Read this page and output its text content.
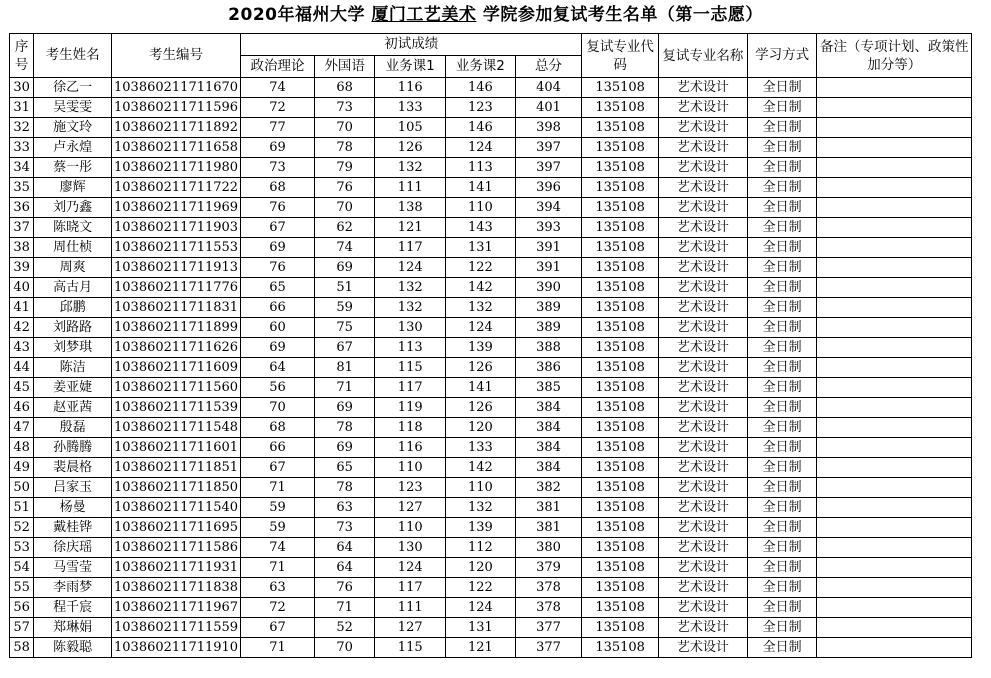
2020年福州大学 厦门工艺美术 学院参加复试考生名单（第一志愿）
序号	考生姓名	考生编号	初试成绩					复试专业代码	复试专业名称	学习方式	备注（专项计划、政策性加分等）
			政治理论	外国语	业务课1	业务课2	总分				
30	徐乙一	103860211711670	74	68	116	146	404	135108	艺术设计	全日制	
31	吴雯雯	103860211711596	72	73	133	123	401	135108	艺术设计	全日制	
32	施文玲	103860211711892	77	70	105	146	398	135108	艺术设计	全日制	
33	卢永煌	103860211711658	69	78	126	124	397	135108	艺术设计	全日制	
34	蔡一彤	103860211711980	73	79	132	113	397	135108	艺术设计	全日制	
35	廖辉	103860211711722	68	76	111	141	396	135108	艺术设计	全日制	
36	刘乃鑫	103860211711969	76	70	138	110	394	135108	艺术设计	全日制	
37	陈晓文	103860211711903	67	62	121	143	393	135108	艺术设计	全日制	
38	周仕桢	103860211711553	69	74	117	131	391	135108	艺术设计	全日制	
39	周爽	103860211711913	76	69	124	122	391	135108	艺术设计	全日制	
40	高古月	103860211711776	65	51	132	142	390	135108	艺术设计	全日制	
41	邱鹏	103860211711831	66	59	132	132	389	135108	艺术设计	全日制	
42	刘路路	103860211711899	60	75	130	124	389	135108	艺术设计	全日制	
43	刘梦琪	103860211711626	69	67	113	139	388	135108	艺术设计	全日制	
44	陈洁	103860211711609	64	81	115	126	386	135108	艺术设计	全日制	
45	姜亚婕	103860211711560	56	71	117	141	385	135108	艺术设计	全日制	
46	赵亚茜	103860211711539	70	69	119	126	384	135108	艺术设计	全日制	
47	殷磊	103860211711548	68	78	118	120	384	135108	艺术设计	全日制	
48	孙腾腾	103860211711601	66	69	116	133	384	135108	艺术设计	全日制	
49	裴晨格	103860211711851	67	65	110	142	384	135108	艺术设计	全日制	
50	吕家玉	103860211711850	71	78	123	110	382	135108	艺术设计	全日制	
51	杨曼	103860211711540	59	63	127	132	381	135108	艺术设计	全日制	
52	戴桂铧	103860211711695	59	73	110	139	381	135108	艺术设计	全日制	
53	徐庆瑶	103860211711586	74	64	130	112	380	135108	艺术设计	全日制	
54	马雪莹	103860211711931	71	64	124	120	379	135108	艺术设计	全日制	
55	李雨梦	103860211711838	63	76	117	122	378	135108	艺术设计	全日制	
56	程千宸	103860211711967	72	71	111	124	378	135108	艺术设计	全日制	
57	郑琳娟	103860211711559	67	52	127	131	377	135108	艺术设计	全日制	
58	陈毅聪	103860211711910	71	70	115	121	377	135108	艺术设计	全日制	
